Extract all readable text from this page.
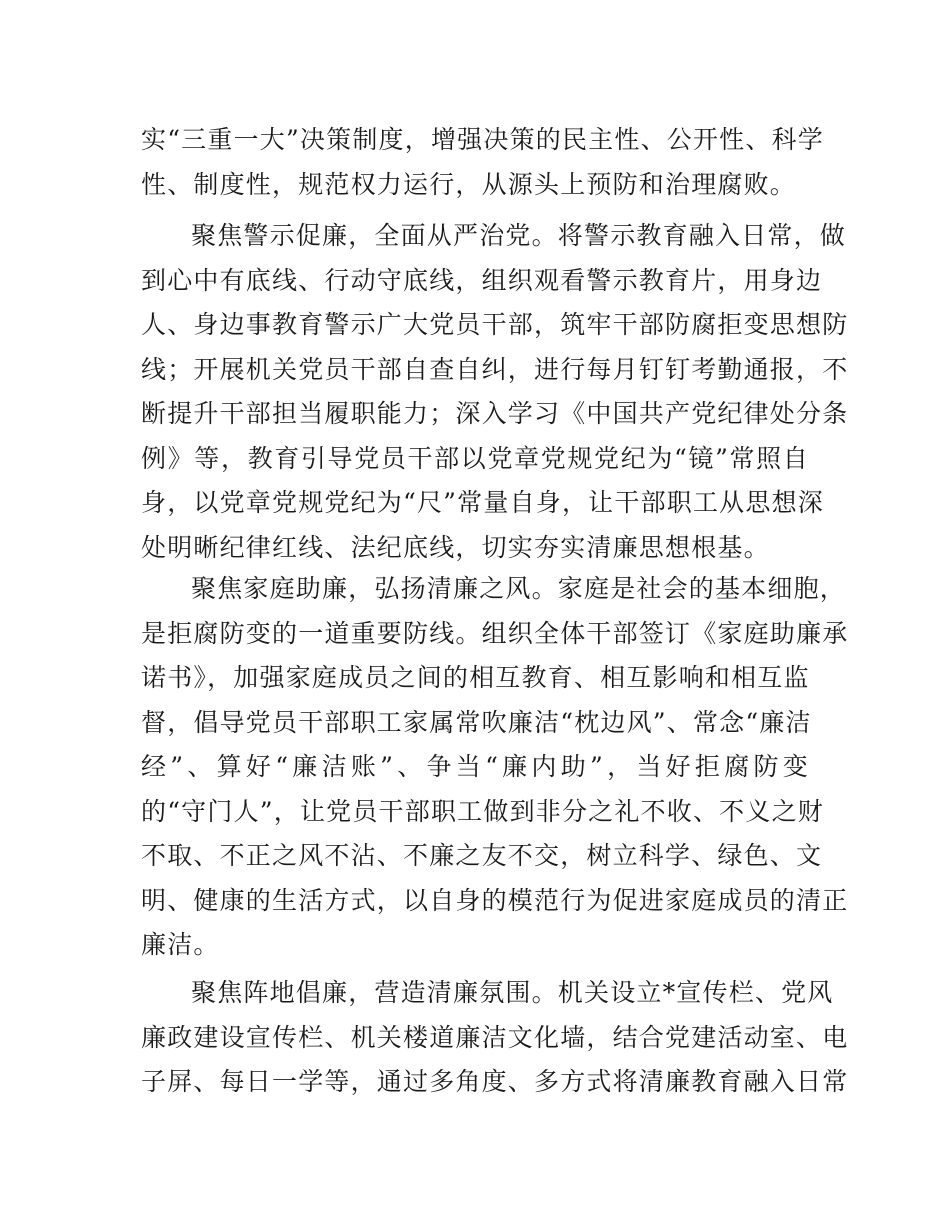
实“三重一大”决策制度，增强决策的民主性、公开性、科学
性、制度性，规范权力运行，从源头上预防和治理腐败。
聚焦警示促廉，全面从严治党。将警示教育融入日常，做
到心中有底线、行动守底线，组织观看警示教育片，用身边
人、身边事教育警示广大党员干部，筑牢干部防腐拒变思想防
线；开展机关党员干部自查自纠，进行每月钉钉考勤通报，不
断提升干部担当履职能力；深入学习《中国共产党纪律处分条
例》等，教育引导党员干部以党章党规党纪为“镜”常照自
身，以党章党规党纪为“尺”常量自身，让干部职工从思想深
处明晰纪律红线、法纪底线，切实夯实清廉思想根基。
聚焦家庭助廉，弘扬清廉之风。家庭是社会的基本细胞，
是拒腐防变的一道重要防线。组织全体干部签订《家庭助廉承
诺书》，加强家庭成员之间的相互教育、相互影响和相互监
督，倡导党员干部职工家属常吹廉洁“枕边风”、常念“廉洁
经”、算好“廉洁账”、争当“廉内助”，当好拒腐防变
的“守门人”，让党员干部职工做到非分之礼不收、不义之财
不取、不正之风不沾、不廉之友不交，树立科学、绿色、文
明、健康的生活方式，以自身的模范行为促进家庭成员的清正
廉洁。
聚焦阵地倡廉，营造清廉氛围。机关设立*宣传栏、党风
廉政建设宣传栏、机关楼道廉洁文化墙，结合党建活动室、电
子屏、每日一学等，通过多角度、多方式将清廉教育融入日常
